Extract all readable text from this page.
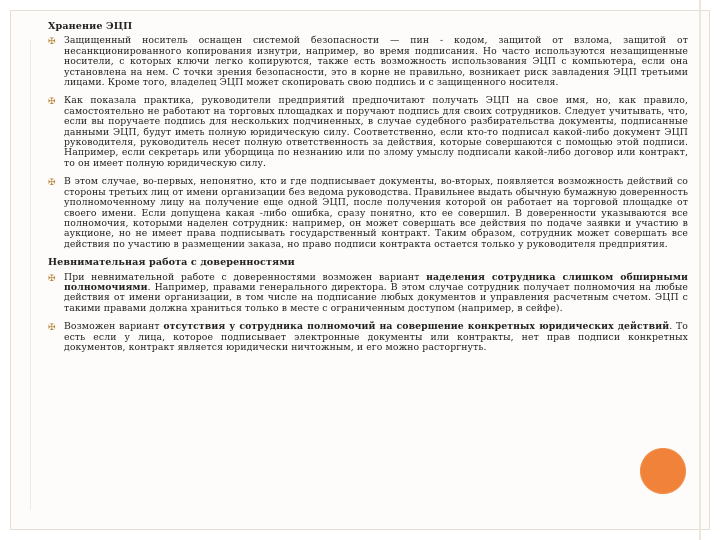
Хранение ЭЦП
✠ Защищенный носитель оснащен системой безопасности — пин - кодом, защитой от взлома, защитой от несанкционированного копирования изнутри, например, во время подписания. Но часто используются незащищенные носители, с которых ключи легко копируются, также есть возможность использования ЭЦП с компьютера, если она установлена на нем. С точки зрения безопасности, это в корне не правильно, возникает риск завладения ЭЦП третьими лицами. Кроме того, владелец ЭЦП может скопировать свою подпись и с защищенного носителя.

✠ Как показала практика, руководители предприятий предпочитают получать ЭЦП на свое имя, но, как правило, самостоятельно не работают на торговых площадках и поручают подпись для своих сотрудников. Следует учитывать, что, если вы поручаете подпись для нескольких подчиненных, в случае судебного разбирательства документы, подписанные данными ЭЦП, будут иметь полную юридическую силу. Соответственно, если кто-то подписал какой-либо документ ЭЦП руководителя, руководитель несет полную ответственность за действия, которые совершаются с помощью этой подписи. Например, если секретарь или уборщица по незнанию или по злому умыслу подписали какой-либо договор или контракт, то он имеет полную юридическую силу.

✠ В этом случае, во-первых, непонятно, кто и где подписывает документы, во-вторых, появляется возможность действий со стороны третьих лиц от имени организации без ведома руководства. Правильнее выдать обычную бумажную доверенность уполномоченному лицу на получение еще одной ЭЦП, после получения которой он работает на торговой площадке от своего имени. Если допущена какая -либо ошибка, сразу понятно, кто ее совершил. В доверенности указываются все полномочия, которыми наделен сотрудник: например, он может совершать все действия по подаче заявки и участию в аукционе, но не имеет права подписывать государственный контракт. Таким образом, сотрудник может совершать все действия по участию в размещении заказа, но право подписи контракта остается только у руководителя предприятия.

Невнимательная работа с доверенностями
✠ При невнимательной работе с доверенностями возможен вариант наделения сотрудника слишком обширными полномочиями. Например, правами генерального директора. В этом случае сотрудник получает полномочия на любые действия от имени организации, в том числе на подписание любых документов и управления расчетным счетом. ЭЦП с такими правами должна храниться только в месте с ограниченным доступом (например, в сейфе).

✠ Возможен вариант отсутствия у сотрудника полномочий на совершение конкретных юридических действий. То есть если у лица, которое подписывает электронные документы или контракты, нет прав подписи конкретных документов, контракт является юридически ничтожным, и его можно расторгнуть.
